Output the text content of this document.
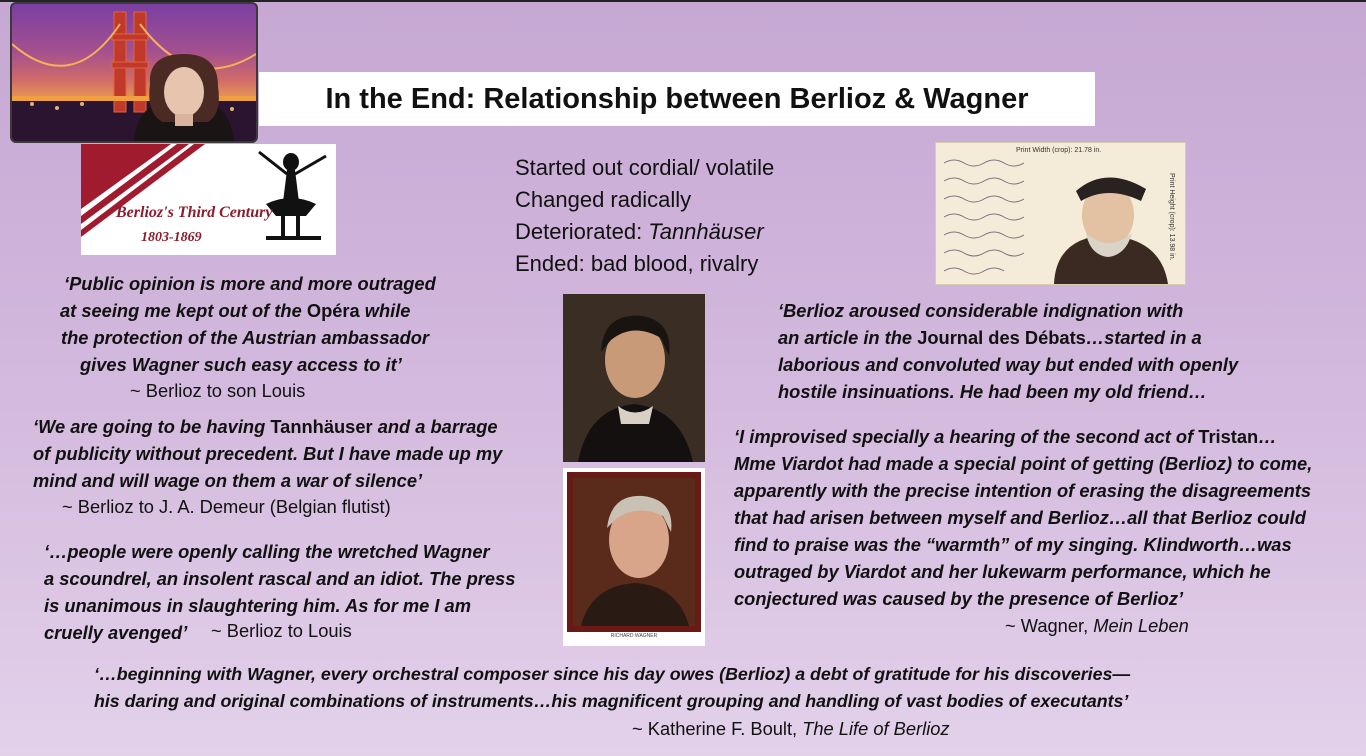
In the End: Relationship between Berlioz & Wagner
Berlioz's Third Century
1803-1869
Started out cordial/ volatile
Changed radically
Deteriorated: Tannhäuser
Ended: bad blood, rivalry
Print Width (crop): 21.78 in.
Print Height (crop): 13.98 in.
RICHARD WAGNER
‘Public opinion is more and more outraged
at seeing me kept out of the Opéra while
the protection of the Austrian ambassador
gives Wagner such easy access to it’
~ Berlioz to son Louis
‘We are going to be having Tannhäuser and a barrage
of publicity without precedent. But I have made up my
mind and will wage on them a war of silence’
~ Berlioz to J. A. Demeur (Belgian flutist)
‘…people were openly calling the wretched Wagner
a scoundrel, an insolent rascal and an idiot. The press
is unanimous in slaughtering him. As for me I am
cruelly avenged’	~ Berlioz to Louis
‘Berlioz aroused considerable indignation with
an article in the Journal des Débats…started in a
laborious and convoluted way but ended with openly
hostile insinuations. He had been my old friend…
‘I improvised specially a hearing of the second act of Tristan…
Mme Viardot had made a special point of getting (Berlioz) to come,
apparently with the precise intention of erasing the disagreements
that had arisen between myself and Berlioz…all that Berlioz could
find to praise was the “warmth” of my singing. Klindworth…was
outraged by Viardot and her lukewarm performance, which he
conjectured was caused by the presence of Berlioz’
~ Wagner, Mein Leben
‘…beginning with Wagner, every orchestral composer since his day owes (Berlioz) a debt of gratitude for his discoveries—
his daring and original combinations of instruments…his magnificent grouping and handling of vast bodies of executants’
~ Katherine F. Boult, The Life of Berlioz
